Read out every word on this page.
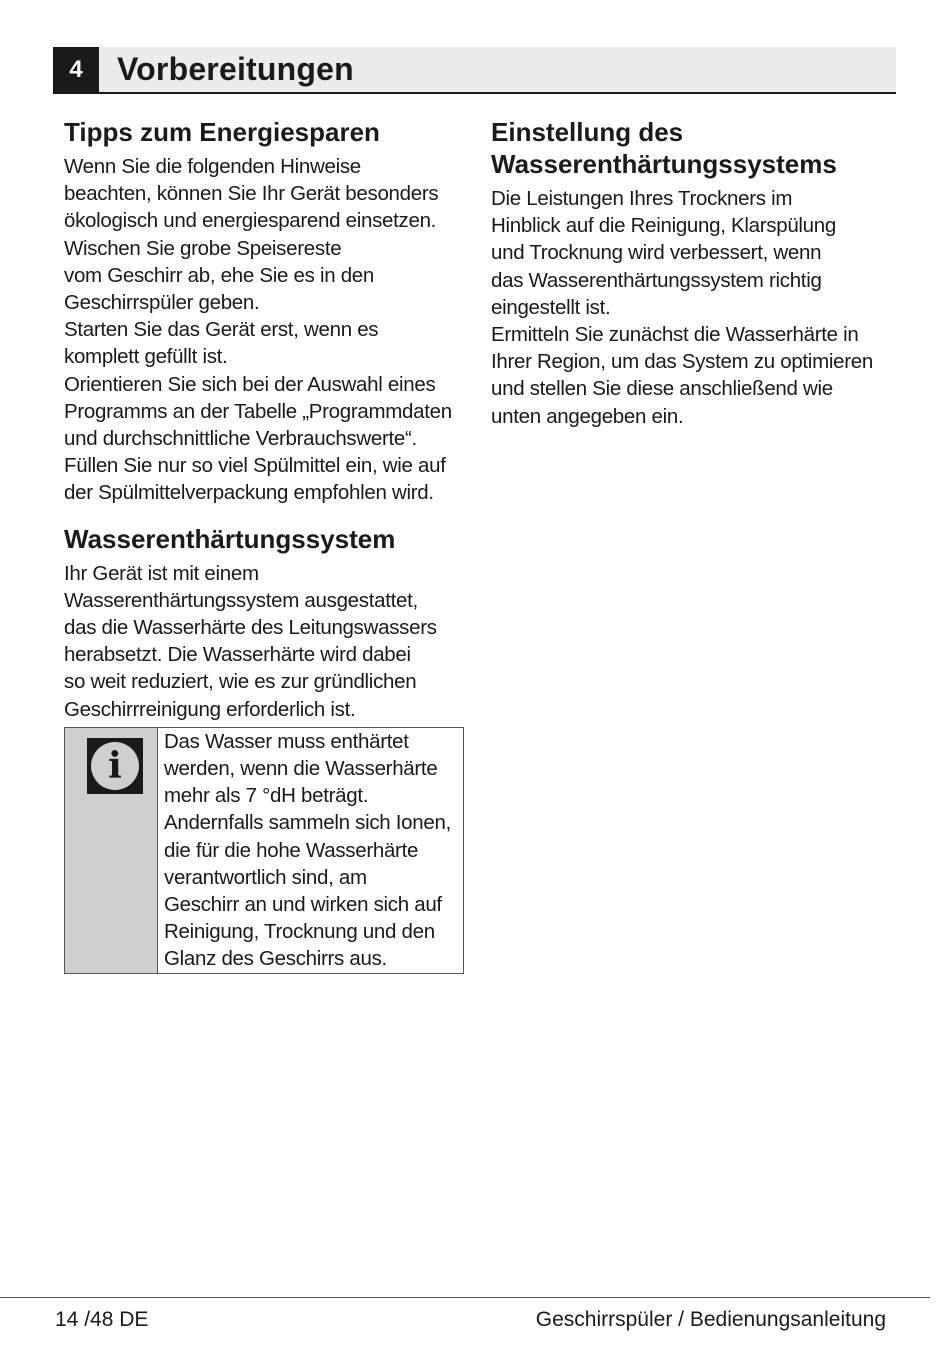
4	Vorbereitungen
Tipps zum Energiesparen

Wenn Sie die folgenden Hinweise
beachten, können Sie Ihr Gerät besonders
ökologisch und energiesparend einsetzen.
Wischen Sie grobe Speisereste
vom Geschirr ab, ehe Sie es in den
Geschirrspüler geben.
Starten Sie das Gerät erst, wenn es
komplett gefüllt ist.
Orientieren Sie sich bei der Auswahl eines
Programms an der Tabelle „Programmdaten
und durchschnittliche Verbrauchswerte“.
Füllen Sie nur so viel Spülmittel ein, wie auf
der Spülmittelverpackung empfohlen wird.

Wasserenthärtungssystem

Ihr Gerät ist mit einem
Wasserenthärtungssystem ausgestattet,
das die Wasserhärte des Leitungswassers
herabsetzt. Die Wasserhärte wird dabei
so weit reduziert, wie es zur gründlichen
Geschirrreinigung erforderlich ist.

i

Das Wasser muss enthärtet
werden, wenn die Wasserhärte
mehr als 7 °dH beträgt.
Andernfalls sammeln sich Ionen,
die für die hohe Wasserhärte
verantwortlich sind, am
Geschirr an und wirken sich auf
Reinigung, Trocknung und den
Glanz des Geschirrs aus.

Einstellung des
Wasserenthärtungssystems

Die Leistungen Ihres Trockners im
Hinblick auf die Reinigung, Klarspülung
und Trocknung wird verbessert, wenn
das Wasserenthärtungssystem richtig
eingestellt ist.
Ermitteln Sie zunächst die Wasserhärte in
Ihrer Region, um das System zu optimieren
und stellen Sie diese anschließend wie
unten angegeben ein.

14 /48 DE	Geschirrspüler / Bedienungsanleitung
